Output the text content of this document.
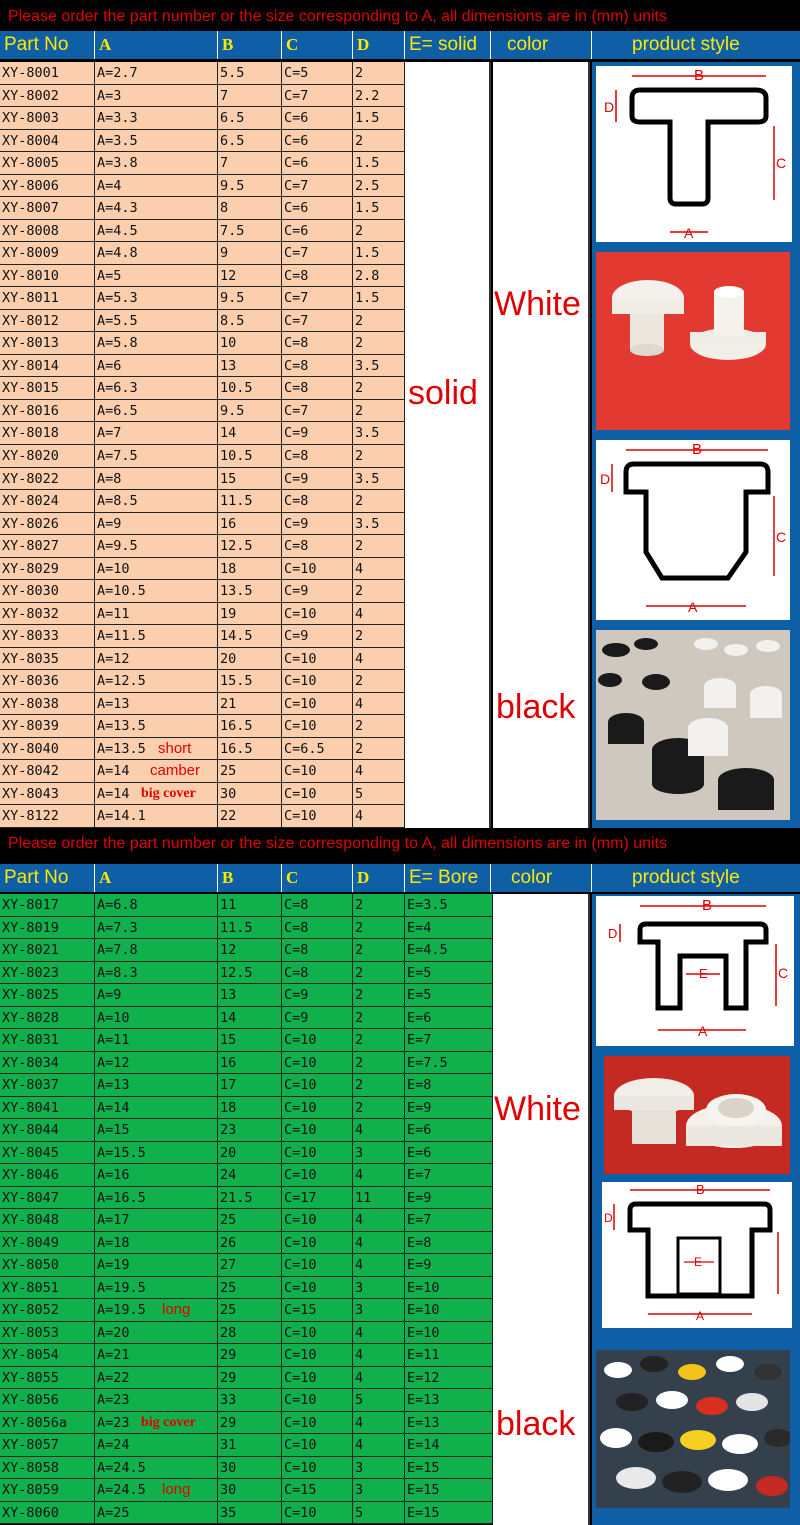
Please order the part number or the size corresponding to A, all dimensions are in (mm) units
Part No	A	B	C	D	E= solid	color	product style
XY-8001	A=2.7	5.5	C=5	2
XY-8002	A=3	7	C=7	2.2
XY-8003	A=3.3	6.5	C=6	1.5
XY-8004	A=3.5	6.5	C=6	2
XY-8005	A=3.8	7	C=6	1.5
XY-8006	A=4	9.5	C=7	2.5
XY-8007	A=4.3	8	C=6	1.5
XY-8008	A=4.5	7.5	C=6	2
XY-8009	A=4.8	9	C=7	1.5
XY-8010	A=5	12	C=8	2.8
XY-8011	A=5.3	9.5	C=7	1.5
XY-8012	A=5.5	8.5	C=7	2
XY-8013	A=5.8	10	C=8	2
XY-8014	A=6	13	C=8	3.5
XY-8015	A=6.3	10.5	C=8	2
XY-8016	A=6.5	9.5	C=7	2
XY-8018	A=7	14	C=9	3.5
XY-8020	A=7.5	10.5	C=8	2
XY-8022	A=8	15	C=9	3.5
XY-8024	A=8.5	11.5	C=8	2
XY-8026	A=9	16	C=9	3.5
XY-8027	A=9.5	12.5	C=8	2
XY-8029	A=10	18	C=10	4
XY-8030	A=10.5	13.5	C=9	2
XY-8032	A=11	19	C=10	4
XY-8033	A=11.5	14.5	C=9	2
XY-8035	A=12	20	C=10	4
XY-8036	A=12.5	15.5	C=10	2
XY-8038	A=13	21	C=10	4
XY-8039	A=13.5	16.5	C=10	2
XY-8040	A=13.5	16.5	C=6.5	2
XY-8042	A=14	25	C=10	4
XY-8043	A=14	30	C=10	5
XY-8122	A=14.1	22	C=10	4
short
camber
big cover
solid
White
black
B
D
C
A
B
D
C
A
Please order the part number or the size corresponding to A, all dimensions are in (mm) units
Part No	A	B	C	D	E= Bore	color	product style
XY-8017	A=6.8	11	C=8	2	E=3.5
XY-8019	A=7.3	11.5	C=8	2	E=4
XY-8021	A=7.8	12	C=8	2	E=4.5
XY-8023	A=8.3	12.5	C=8	2	E=5
XY-8025	A=9	13	C=9	2	E=5
XY-8028	A=10	14	C=9	2	E=6
XY-8031	A=11	15	C=10	2	E=7
XY-8034	A=12	16	C=10	2	E=7.5
XY-8037	A=13	17	C=10	2	E=8
XY-8041	A=14	18	C=10	2	E=9
XY-8044	A=15	23	C=10	4	E=6
XY-8045	A=15.5	20	C=10	3	E=6
XY-8046	A=16	24	C=10	4	E=7
XY-8047	A=16.5	21.5	C=17	11	E=9
XY-8048	A=17	25	C=10	4	E=7
XY-8049	A=18	26	C=10	4	E=8
XY-8050	A=19	27	C=10	4	E=9
XY-8051	A=19.5	25	C=10	3	E=10
XY-8052	A=19.5	25	C=15	3	E=10
XY-8053	A=20	28	C=10	4	E=10
XY-8054	A=21	29	C=10	4	E=11
XY-8055	A=22	29	C=10	4	E=12
XY-8056	A=23	33	C=10	5	E=13
XY-8056a	A=23	29	C=10	4	E=13
XY-8057	A=24	31	C=10	4	E=14
XY-8058	A=24.5	30	C=10	3	E=15
XY-8059	A=24.5	30	C=15	3	E=15
XY-8060	A=25	35	C=10	5	E=15
long
big cover
long
White
black
B
D
E	C
A
B
D
E
A
